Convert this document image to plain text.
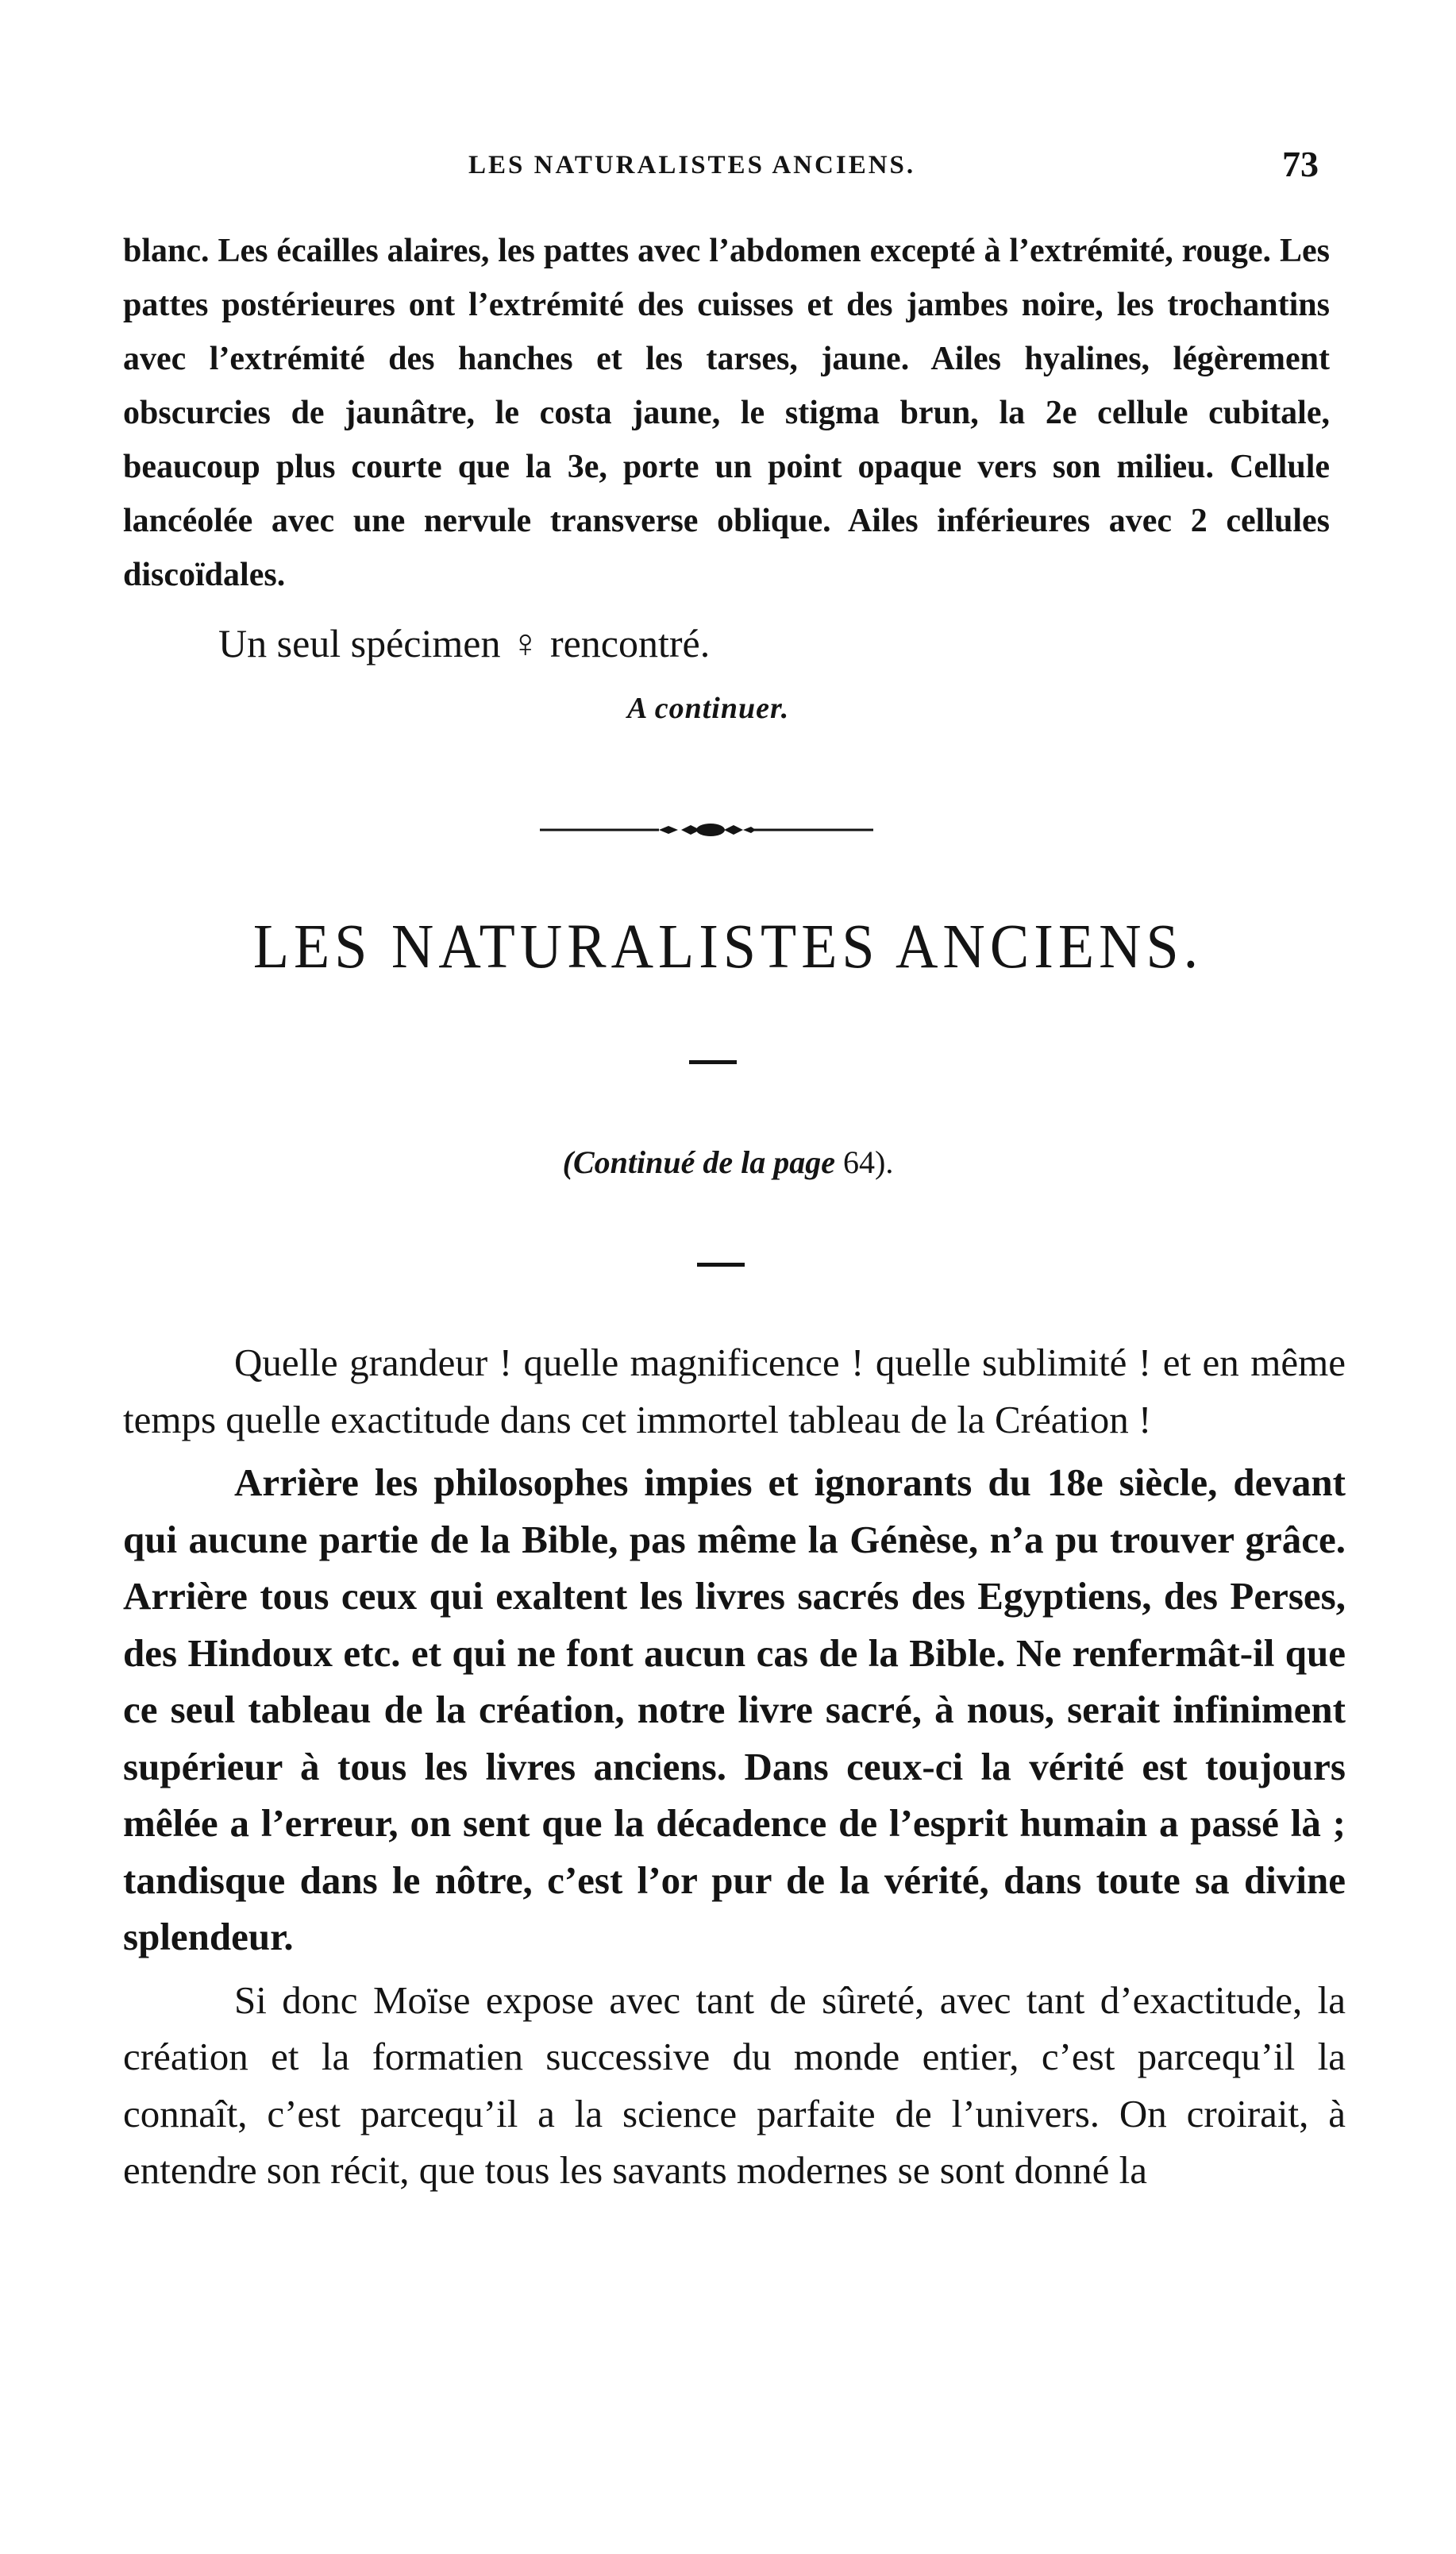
LES NATURALISTES ANCIENS.	73

blanc. Les écailles alaires, les pattes avec l’abdomen excepté à l’extrémité, rouge. Les pattes postérieures ont l’extrémité des cuisses et des jambes noire, les trochantins avec l’extrémité des hanches et les tarses, jaune. Ailes hyalines, légèrement obscurcies de jaunâtre, le costa jaune, le stigma brun, la 2e cellule cubitale, beaucoup plus courte que la 3e, porte un point opaque vers son milieu. Cellule lancéolée avec une nervule transverse oblique. Ailes inférieures avec 2 cellules discoïdales.

Un seul spécimen ♀ rencontré.
A continuer.
LES NATURALISTES ANCIENS.
(Continué de la page 64).

Quelle grandeur ! quelle magnificence ! quelle sublimité ! et en même temps quelle exactitude dans cet immortel tableau de la Création !

Arrière les philosophes impies et ignorants du 18e siècle, devant qui aucune partie de la Bible, pas même la Génèse, n’a pu trouver grâce. Arrière tous ceux qui exaltent les livres sacrés des Egyptiens, des Perses, des Hindoux etc. et qui ne font aucun cas de la Bible. Ne renfermât-il que ce seul tableau de la création, notre livre sacré, à nous, serait infiniment supérieur à tous les livres anciens. Dans ceux-ci la vérité est toujours mêlée a l’erreur, on sent que la décadence de l’esprit humain a passé là ; tandisque dans le nôtre, c’est l’or pur de la vérité, dans toute sa divine splendeur.

Si donc Moïse expose avec tant de sûreté, avec tant d’exactitude, la création et la formatien successive du monde entier, c’est parcequ’il la connaît, c’est parcequ’il a la science parfaite de l’univers. On croirait, à entendre son récit, que tous les savants modernes se sont donné la
